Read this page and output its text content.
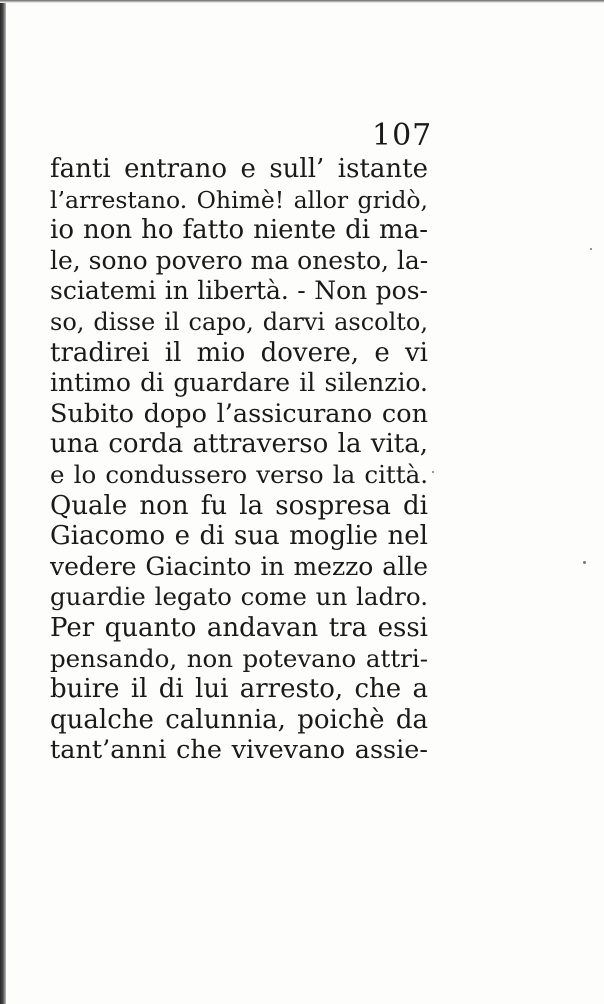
107
fanti entrano e sull’ istante
l’arrestano. Ohimè! allor gridò,
io non ho fatto niente di ma-
le, sono povero ma onesto, la-
sciatemi in libertà. - Non pos-
so, disse il capo, darvi ascolto,
tradirei il mio dovere, e vi
intimo di guardare il silenzio.
Subito dopo l’assicurano con
una corda attraverso la vita,
e lo condussero verso la città.
Quale non fu la sospresa di
Giacomo e di sua moglie nel
vedere Giacinto in mezzo alle
guardie legato come un ladro.
Per quanto andavan tra essi
pensando, non potevano attri-
buire il di lui arresto, che a
qualche calunnia, poichè da
tant’anni che vivevano assie-
